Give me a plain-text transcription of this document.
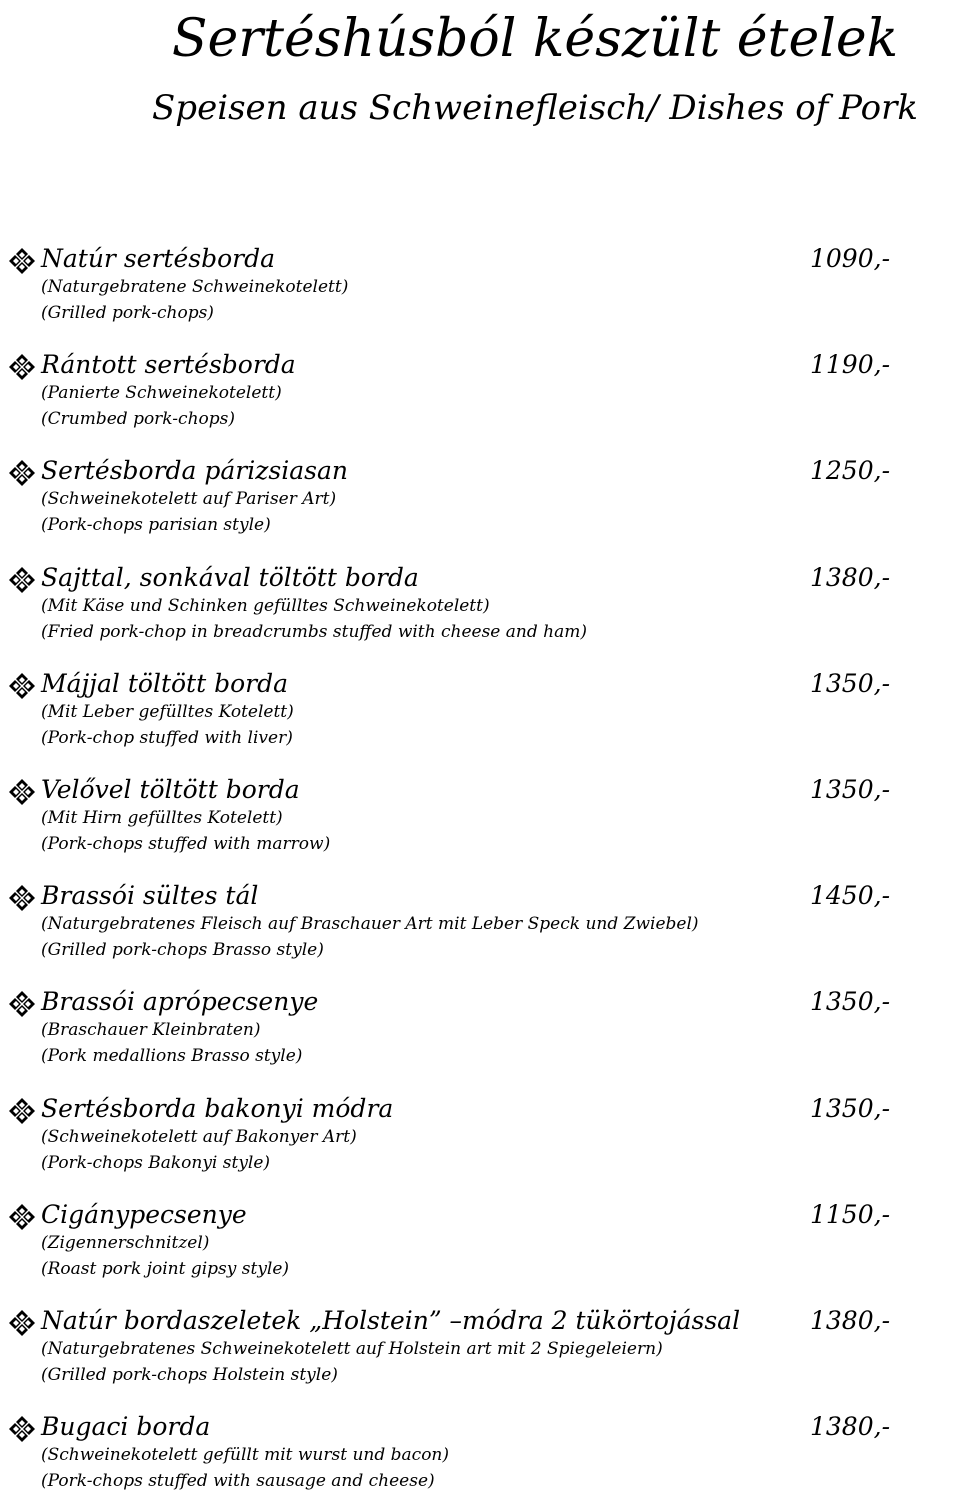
Sertéshúsból készült ételek
Speisen aus Schweinefleisch/ Dishes of Pork
Natúr sertésborda	1090,-
(Naturgebratene Schweinekotelett)
(Grilled pork-chops)
Rántott sertésborda	1190,-
(Panierte Schweinekotelett)
(Crumbed pork-chops)
Sertésborda párizsiasan	1250,-
(Schweinekotelett auf Pariser Art)
(Pork-chops parisian style)
Sajttal, sonkával töltött borda	1380,-
(Mit Käse und Schinken gefülltes Schweinekotelett)
(Fried pork-chop in breadcrumbs stuffed with cheese and ham)
Májjal töltött borda	1350,-
(Mit Leber gefülltes Kotelett)
(Pork-chop stuffed with liver)
Velővel töltött borda	1350,-
(Mit Hirn gefülltes Kotelett)
(Pork-chops stuffed with marrow)
Brassói sültes tál	1450,-
(Naturgebratenes Fleisch auf Braschauer Art mit Leber Speck und Zwiebel)
(Grilled pork-chops Brasso style)
Brassói aprópecsenye	1350,-
(Braschauer Kleinbraten)
(Pork medallions Brasso style)
Sertésborda bakonyi módra	1350,-
(Schweinekotelett auf Bakonyer Art)
(Pork-chops Bakonyi style)
Cigánypecsenye	1150,-
(Zigennerschnitzel)
(Roast pork joint gipsy style)
Natúr bordaszeletek „Holstein” –módra 2 tükörtojással	1380,-
(Naturgebratenes Schweinekotelett auf Holstein art mit 2 Spiegeleiern)
(Grilled pork-chops Holstein style)
Bugaci borda	1380,-
(Schweinekotelett gefüllt mit wurst und bacon)
(Pork-chops stuffed with sausage and cheese)
